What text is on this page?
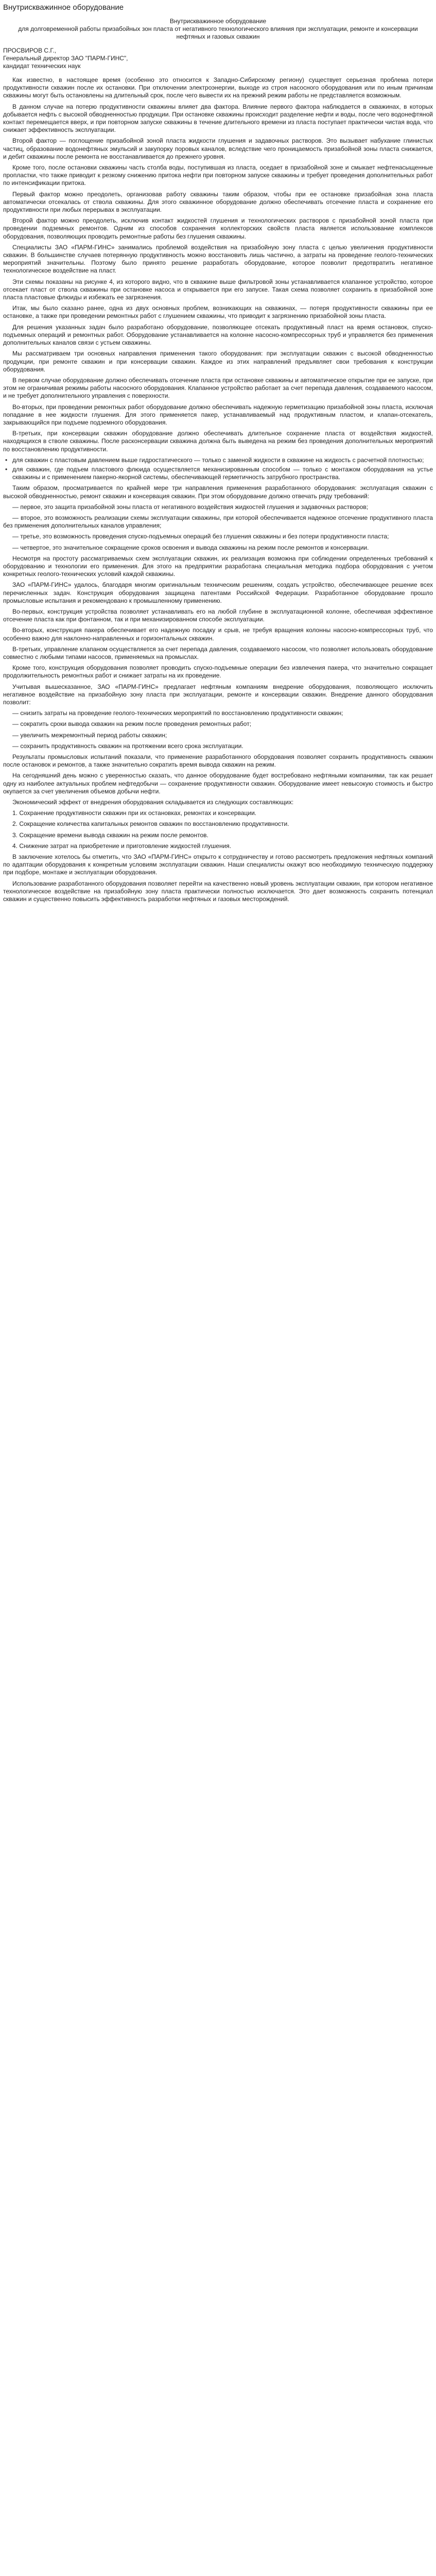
Внутрискважинное оборудование
Внутрискважинное оборудование
для долговременной работы призабойных зон пласта от негативного технологического влияния при эксплуатации, ремонте и консервации нефтяных и газовых скважин
ПРОСВИРОВ С.Г.,
Генеральный директор ЗАО "ПАРМ-ГИНС",
кандидат технических наук

Как известно, в настоящее время (особенно это относится к Западно-Сибирскому региону) существует серьезная проблема потери продуктивности скважин после их остановки. При отключении электроэнергии, выходе из строя насосного оборудования или по иным причинам скважины могут быть остановлены на длительный срок, после чего вывести их на прежний режим работы не представляется возможным.

В данном случае на потерю продуктивности скважины влияет два фактора. Влияние первого фактора наблюдается в скважинах, в которых добывается нефть с высокой обводненностью продукции. При остановке скважины происходит разделение нефти и воды, после чего водонефтяной контакт перемещается вверх, и при повторном запуске скважины в течение длительного времени из пласта поступает практически чистая вода, что снижает эффективность эксплуатации.

Второй фактор — поглощение призабойной зоной пласта жидкости глушения и задавочных растворов. Это вызывает набухание глинистых частиц, образование водонефтяных эмульсий и закупорку поровых каналов, вследствие чего проницаемость призабойной зоны пласта снижается, и дебит скважины после ремонта не восстанавливается до прежнего уровня.

Кроме того, после остановки скважины часть столба воды, поступившая из пласта, оседает в призабойной зоне и смыкает нефтенасыщенные пропластки, что также приводит к резкому снижению притока нефти при повторном запуске скважины и требует проведения дополнительных работ по интенсификации притока.

Первый фактор можно преодолеть, организовав работу скважины таким образом, чтобы при ее остановке призабойная зона пласта автоматически отсекалась от ствола скважины. Для этого скважинное оборудование должно обеспечивать отсечение пласта и сохранение его продуктивности при любых перерывах в эксплуатации.

Второй фактор можно преодолеть, исключив контакт жидкостей глушения и технологических растворов с призабойной зоной пласта при проведении подземных ремонтов. Одним из способов сохранения коллекторских свойств пласта является использование комплексов оборудования, позволяющих проводить ремонтные работы без глушения скважины.

Специалисты ЗАО «ПАРМ-ГИНС» занимались проблемой воздействия на призабойную зону пласта с целью увеличения продуктивности скважин. В большинстве случаев потерянную продуктивность можно восстановить лишь частично, а затраты на проведение геолого-технических мероприятий значительны. Поэтому было принято решение разработать оборудование, которое позволит предотвратить негативное технологическое воздействие на пласт.

Эти схемы показаны на рисунке 4, из которого видно, что в скважине выше фильтровой зоны устанавливается клапанное устройство, которое отсекает пласт от ствола скважины при остановке насоса и открывается при его запуске. Такая схема позволяет сохранить в призабойной зоне пласта пластовые флюиды и избежать ее загрязнения.

Итак, мы было сказано ранее, одна из двух основных проблем, возникающих на скважинах, — потеря продуктивности скважины при ее остановке, а также при проведении ремонтных работ с глушением скважины, что приводит к загрязнению призабойной зоны пласта.

Для решения указанных задач было разработано оборудование, позволяющее отсекать продуктивный пласт на время остановок, спуско-подъемных операций и ремонтных работ. Оборудование устанавливается на колонне насосно-компрессорных труб и управляется без применения дополнительных каналов связи с устьем скважины.

Мы рассматриваем три основных направления применения такого оборудования: при эксплуатации скважин с высокой обводненностью продукции, при ремонте скважин и при консервации скважин. Каждое из этих направлений предъявляет свои требования к конструкции оборудования.

В первом случае оборудование должно обеспечивать отсечение пласта при остановке скважины и автоматическое открытие при ее запуске, при этом не ограничивая режимы работы насосного оборудования. Клапанное устройство работает за счет перепада давления, создаваемого насосом, и не требует дополнительного управления с поверхности.

Во-вторых, при проведении ремонтных работ оборудование должно обеспечивать надежную герметизацию призабойной зоны пласта, исключая попадание в нее жидкости глушения. Для этого применяется пакер, устанавливаемый над продуктивным пластом, и клапан-отсекатель, закрывающийся при подъеме подземного оборудования.

В-третьих, при консервации скважин оборудование должно обеспечивать длительное сохранение пласта от воздействия жидкостей, находящихся в стволе скважины. После расконсервации скважина должна быть выведена на режим без проведения дополнительных мероприятий по восстановлению продуктивности.

• для скважин с пластовым давлением выше гидростатического — только с заменой жидкости в скважине на жидкость с расчетной плотностью;
• для скважин, где подъем пластового флюида осуществляется механизированным способом — только с монтажом оборудования на устье скважины и с применением пакерно-якорной системы, обеспечивающей герметичность затрубного пространства.

Таким образом, просматривается по крайней мере три направления применения разработанного оборудования: эксплуатация скважин с высокой обводненностью, ремонт скважин и консервация скважин. При этом оборудование должно отвечать ряду требований:

— первое, это защита призабойной зоны пласта от негативного воздействия жидкостей глушения и задавочных растворов;

— второе, это возможность реализации схемы эксплуатации скважины, при которой обеспечивается надежное отсечение продуктивного пласта без применения дополнительных каналов управления;

— третье, это возможность проведения спуско-подъемных операций без глушения скважины и без потери продуктивности пласта;

— четвертое, это значительное сокращение сроков освоения и вывода скважины на режим после ремонтов и консервации.

Несмотря на простоту рассматриваемых схем эксплуатации скважин, их реализация возможна при соблюдении определенных требований к оборудованию и технологии его применения. Для этого на предприятии разработана специальная методика подбора оборудования с учетом конкретных геолого-технических условий каждой скважины.

ЗАО «ПАРМ-ГИНС» удалось, благодаря многим оригинальным техническим решениям, создать устройство, обеспечивающее решение всех перечисленных задач. Конструкция оборудования защищена патентами Российской Федерации. Разработанное оборудование прошло промысловые испытания и рекомендовано к промышленному применению.

Во-первых, конструкция устройства позволяет устанавливать его на любой глубине в эксплуатационной колонне, обеспечивая эффективное отсечение пласта как при фонтанном, так и при механизированном способе эксплуатации.

Во-вторых, конструкция пакера обеспечивает его надежную посадку и срыв, не требуя вращения колонны насосно-компрессорных труб, что особенно важно для наклонно-направленных и горизонтальных скважин.

В-третьих, управление клапаном осуществляется за счет перепада давления, создаваемого насосом, что позволяет использовать оборудование совместно с любыми типами насосов, применяемых на промыслах.

Кроме того, конструкция оборудования позволяет проводить спуско-подъемные операции без извлечения пакера, что значительно сокращает продолжительность ремонтных работ и снижает затраты на их проведение.

Учитывая вышесказанное, ЗАО «ПАРМ-ГИНС» предлагает нефтяным компаниям внедрение оборудования, позволяющего исключить негативное воздействие на призабойную зону пласта при эксплуатации, ремонте и консервации скважин. Внедрение данного оборудования позволит:

— снизить затраты на проведение геолого-технических мероприятий по восстановлению продуктивности скважин;

— сократить сроки вывода скважин на режим после проведения ремонтных работ;

— увеличить межремонтный период работы скважин;

— сохранить продуктивность скважин на протяжении всего срока эксплуатации.

Результаты промысловых испытаний показали, что применение разработанного оборудования позволяет сохранить продуктивность скважин после остановок и ремонтов, а также значительно сократить время вывода скважин на режим.

На сегодняшний день можно с уверенностью сказать, что данное оборудование будет востребовано нефтяными компаниями, так как решает одну из наиболее актуальных проблем нефтедобычи — сохранение продуктивности скважин. Оборудование имеет невысокую стоимость и быстро окупается за счет увеличения объемов добычи нефти.

Экономический эффект от внедрения оборудования складывается из следующих составляющих:

1. Сохранение продуктивности скважин при их остановках, ремонтах и консервации.

2. Сокращение количества капитальных ремонтов скважин по восстановлению продуктивности.

3. Сокращение времени вывода скважин на режим после ремонтов.

4. Снижение затрат на приобретение и приготовление жидкостей глушения.

В заключение хотелось бы отметить, что ЗАО «ПАРМ-ГИНС» открыто к сотрудничеству и готово рассмотреть предложения нефтяных компаний по адаптации оборудования к конкретным условиям эксплуатации скважин. Наши специалисты окажут всю необходимую техническую поддержку при подборе, монтаже и эксплуатации оборудования.

Использование разработанного оборудования позволяет перейти на качественно новый уровень эксплуатации скважин, при котором негативное технологическое воздействие на призабойную зону пласта практически полностью исключается. Это дает возможность сохранить потенциал скважин и существенно повысить эффективность разработки нефтяных и газовых месторождений.
